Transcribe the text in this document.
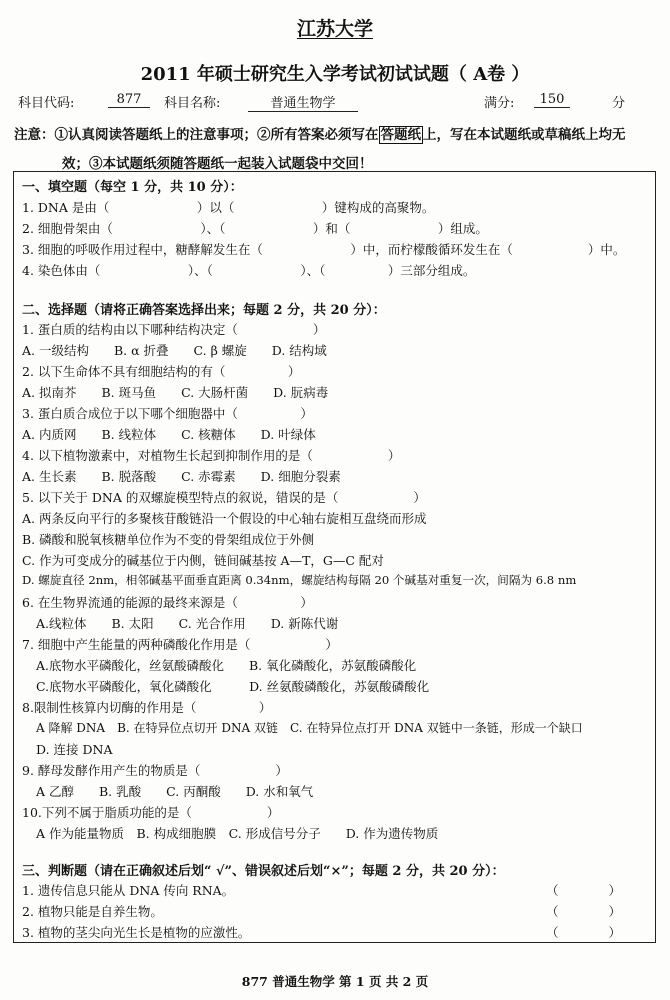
江苏大学
2011 年硕士研究生入学考试初试试题（ A卷 ）
科目代码:	877	科目名称:	普通生物学	满分:	150	分
注意：①认真阅读答题纸上的注意事项；②所有答案必须写在 答题纸 上，写在本试题纸或草稿纸上均无
效；③本试题纸须随答题纸一起装入试题袋中交回！
一、填空题（每空 1 分，共 10 分）：
1. DNA 是由（　　　　　　　）以（　　　　　　　）键构成的高聚物。
2. 细胞骨架由（　　　　　　　）、（　　　　　　　）和（　　　　　　　）组成。
3. 细胞的呼吸作用过程中，糖酵解发生在（　　　　　　　）中，而柠檬酸循环发生在（　　　　　　）中。
4. 染色体由（　　　　　　　）、（　　　　　　　）、（　　　　　）三部分组成。
二、选择题（请将正确答案选择出来；每题 2 分，共 20 分）：
1. 蛋白质的结构由以下哪种结构决定（　　　　　　）
A. 一级结构　　B. α 折叠　　C. β 螺旋　　D. 结构域
2. 以下生命体不具有细胞结构的有（　　　　　）
A. 拟南芥　　B. 斑马鱼　　C. 大肠杆菌　　D. 朊病毒
3. 蛋白质合成位于以下哪个细胞器中（　　　　　）
A. 内质网　　B. 线粒体　　C. 核糖体　　D. 叶绿体
4. 以下植物激素中，对植物生长起到抑制作用的是（　　　　　　）
A. 生长素　　B. 脱落酸　　C. 赤霉素　　D. 细胞分裂素
5. 以下关于 DNA 的双螺旋模型特点的叙说，错误的是（　　　　　　）
A. 两条反向平行的多聚核苷酸链沿一个假设的中心轴右旋相互盘绕而形成
B. 磷酸和脱氧核糖单位作为不变的骨架组成位于外侧
C. 作为可变成分的碱基位于内侧，链间碱基按 A—T，G—C 配对
D. 螺旋直径 2nm，相邻碱基平面垂直距离 0.34nm，螺旋结构每隔 20 个碱基对重复一次，间隔为 6.8 nm
6. 在生物界流通的能源的最终来源是（　　　　　）
A.线粒体　　B. 太阳　　C. 光合作用　　D. 新陈代谢
7. 细胞中产生能量的两种磷酸化作用是（　　　　　　）
A.底物水平磷酸化，丝氨酸磷酸化　　B. 氧化磷酸化，苏氨酸磷酸化
C.底物水平磷酸化，氧化磷酸化　　　D. 丝氨酸磷酸化，苏氨酸磷酸化
8.限制性核算内切酶的作用是（　　　　　）
A 降解 DNA　B. 在特异位点切开 DNA 双链　C. 在特异位点打开 DNA 双链中一条链，形成一个缺口
D. 连接 DNA
9. 酵母发酵作用产生的物质是（　　　　　　）
A 乙醇　　B. 乳酸　　C. 丙酮酸　　D. 水和氧气
10.下列不属于脂质功能的是（　　　　　　）
A 作为能量物质　B. 构成细胞膜　C. 形成信号分子　　D. 作为遗传物质
三、判断题（请在正确叙述后划“ √”、错误叙述后划“×”；每题 2 分，共 20 分）：
1. 遗传信息只能从 DNA 传向 RNA。	（　　　　）
2. 植物只能是自养生物。	（　　　　）
3. 植物的茎尖向光生长是植物的应激性。	（　　　　）
877 普通生物学 第 1 页 共 2 页
